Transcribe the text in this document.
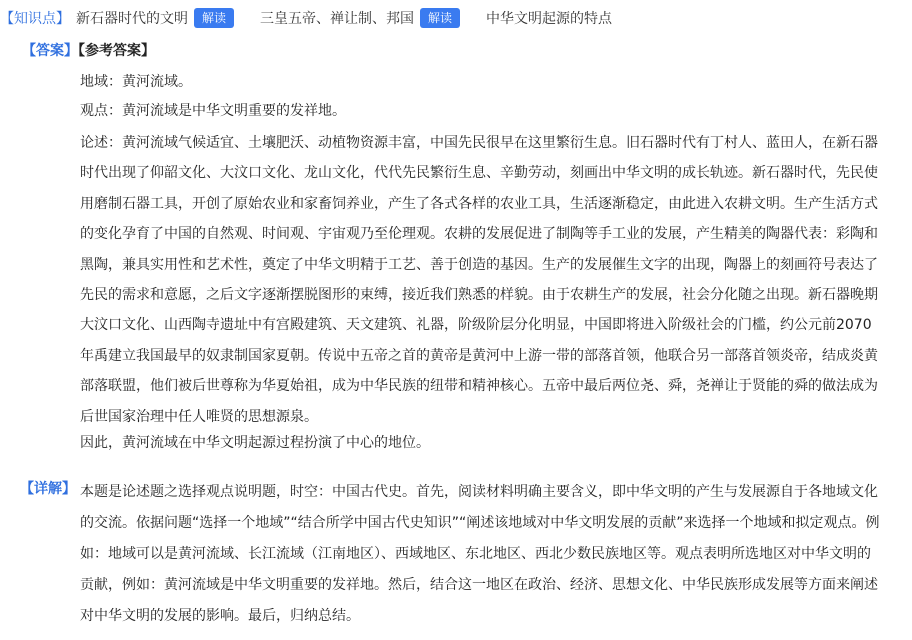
【知识点】 新石器时代的文明	解读	三皇五帝、禅让制、邦国	解读	中华文明起源的特点
【答案】【参考答案】

地域：黄河流域。

观点：黄河流域是中华文明重要的发祥地。

论述：黄河流域气候适宜、土壤肥沃、动植物资源丰富，中国先民很早在这里繁衍生息。旧石器时代有丁村人、蓝田人，在新石器时代出现了仰韶文化、大汶口文化、龙山文化，代代先民繁衍生息、辛勤劳动，刻画出中华文明的成长轨迹。新石器时代，先民使用磨制石器工具，开创了原始农业和家畜饲养业，产生了各式各样的农业工具，生活逐渐稳定，由此进入农耕文明。生产生活方式的变化孕育了中国的自然观、时间观、宇宙观乃至伦理观。农耕的发展促进了制陶等手工业的发展，产生精美的陶器代表：彩陶和黑陶，兼具实用性和艺术性，奠定了中华文明精于工艺、善于创造的基因。生产的发展催生文字的出现，陶器上的刻画符号表达了先民的需求和意愿，之后文字逐渐摆脱图形的束缚，接近我们熟悉的样貌。由于农耕生产的发展，社会分化随之出现。新石器晚期大汶口文化、山西陶寺遗址中有宫殿建筑、天文建筑、礼器，阶级阶层分化明显，中国即将进入阶级社会的门槛，约公元前2070年禹建立我国最早的奴隶制国家夏朝。传说中五帝之首的黄帝是黄河中上游一带的部落首领，他联合另一部落首领炎帝，结成炎黄部落联盟，他们被后世尊称为华夏始祖，成为中华民族的纽带和精神核心。五帝中最后两位尧、舜，尧禅让于贤能的舜的做法成为后世国家治理中任人唯贤的思想源泉。

因此，黄河流域在中华文明起源过程扮演了中心的地位。

【详解】 本题是论述题之选择观点说明题，时空：中国古代史。首先，阅读材料明确主要含义，即中华文明的产生与发展源自于各地域文化的交流。依据问题“选择一个地域”“结合所学中国古代史知识”“阐述该地域对中华文明发展的贡献”来选择一个地域和拟定观点。例如：地域可以是黄河流域、长江流域（江南地区）、西域地区、东北地区、西北少数民族地区等。观点表明所选地区对中华文明的贡献，例如：黄河流域是中华文明重要的发祥地。然后，结合这一地区在政治、经济、思想文化、中华民族形成发展等方面来阐述对中华文明的发展的影响。最后，归纳总结。
